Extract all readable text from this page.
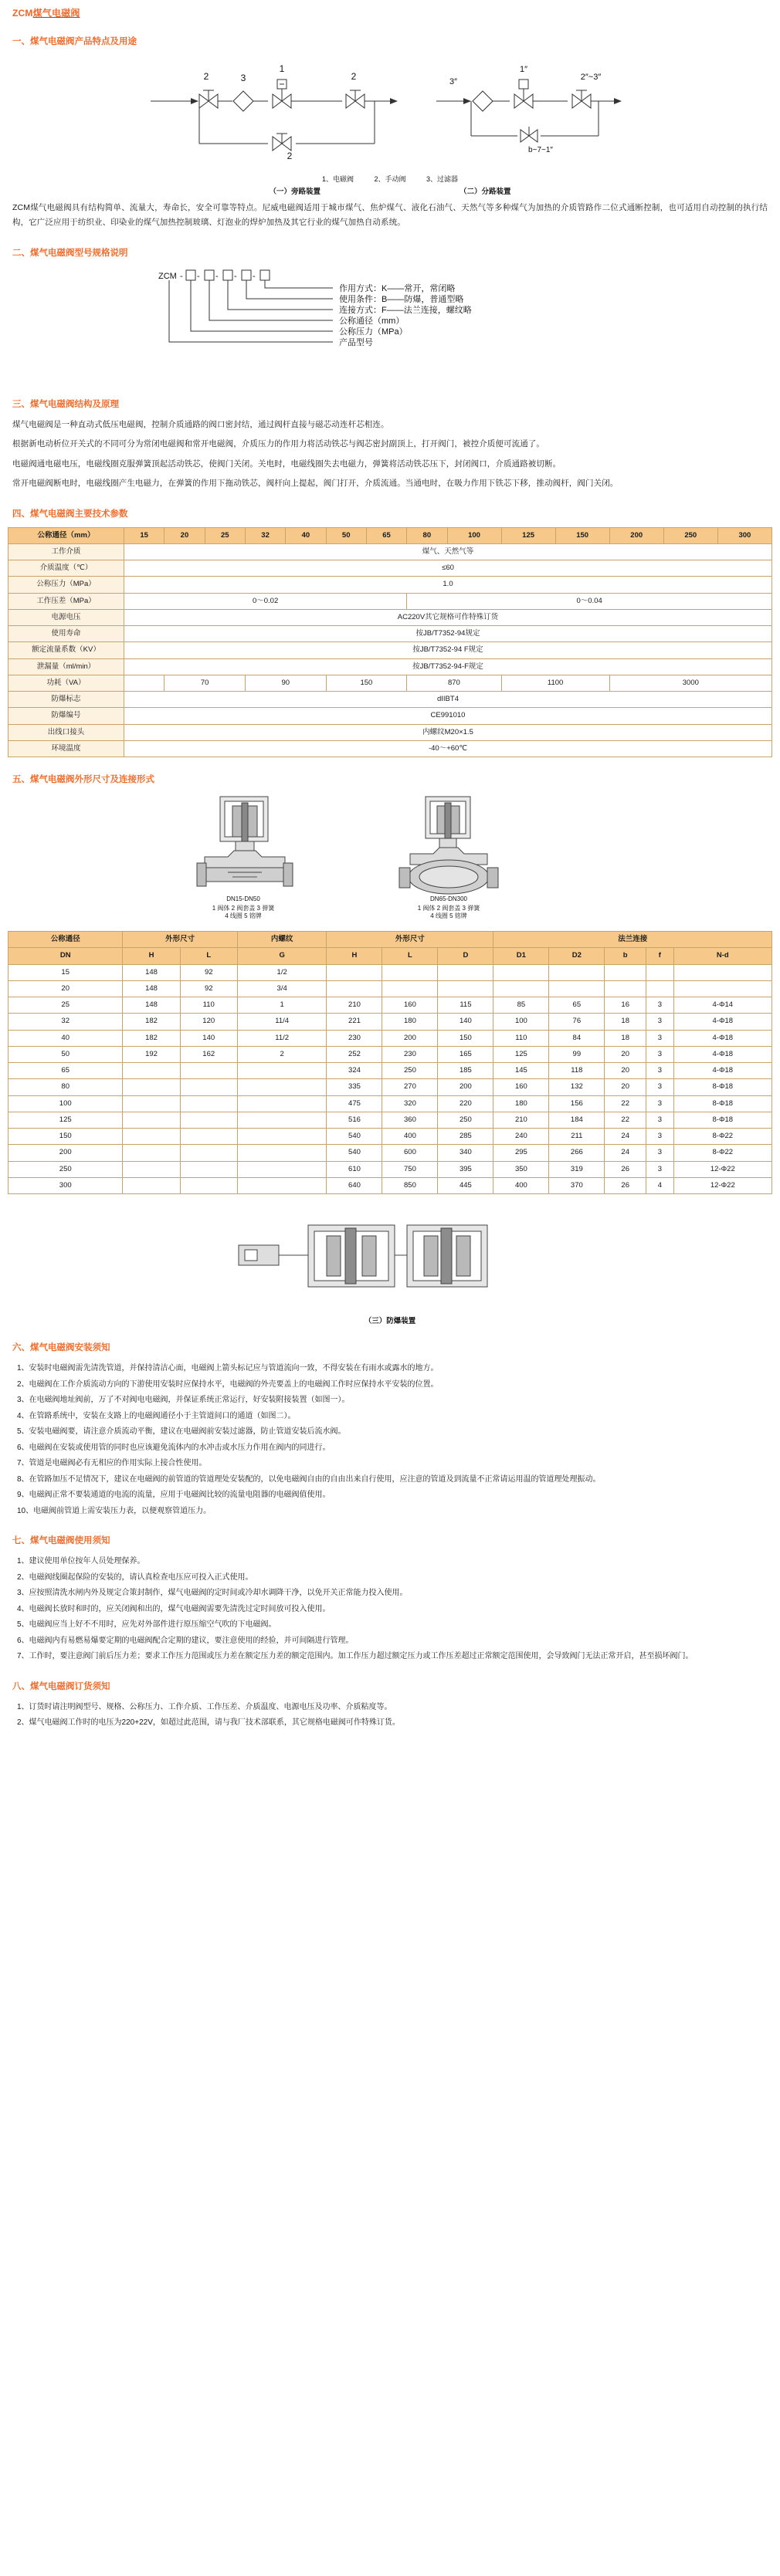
ZCM煤气电磁阀
一、煤气电磁阀产品特点及用途
2	3
1
2
2
3″
1″
2″~3″
b~7~1″
1、电磁阀	2、手动阀	3、过滤器
（一）旁路装置	（二）分路装置

ZCM煤气电磁阀具有结构简单、流量大，寿命长，安全可靠等特点。尼威电磁阀适用于城市煤气、焦炉煤气、液化石油气、天然气等多种煤气为加热的介质管路作二位式通断控制，也可适用自动控制的执行结构，它广泛应用于纺织业、印染业的煤气加热控制玻璃、灯泡业的焊炉加热及其它行业的煤气加热自动系统。

二、煤气电磁阀型号规格说明
ZCM - - - - -
作用方式：K——常开，常闭略
使用条件：B——防爆，普通型略
连接方式：F——法兰连接，螺纹略
公称通径（mm）
公称压力（MPa）
产品型号
三、煤气电磁阀结构及原理

煤气电磁阀是一种直动式低压电磁阀，控制介质通路的阀口密封结，通过阀杆直接与磁芯动连杆芯相连。

根据新电动析位开关式的不同可分为常闭电磁阀和常开电磁阀，介质压力的作用力将活动铁芯与阀芯密封副顶上，打开阀门，被控介质便可流通了。

电磁阀通电磁电压，电磁线圈克服弹簧顶起活动铁芯，使阀门关闭。关电时，电磁线圈失去电磁力，弹簧将活动铁芯压下，封闭阀口，介质通路被切断。

常开电磁阀断电时，电磁线圈产生电磁力，在弹簧的作用下拖动铁芯，阀杆向上提起，阀门打开，介质流通。当通电时，在吸力作用下铁芯下移，推动阀杆，阀门关闭。

四、煤气电磁阀主要技术参数
公称通径（mm）	15	20	25	32	40	50	65	80	100	125	150	200	250	300
工作介质	煤气、天然气等													
介质温度（℃）	≤60													
公称压力（MPa）	1.0													
工作压差（MPa）	0～0.02							0～0.04						
电源电压	AC220V其它规格可作特殊订货													
使用寿命	按JB/T7352-94规定													
额定流量系数（KV）	按JB/T7352-94 F规定													
泄漏量（ml/min）	按JB/T7352-94-F规定													
功耗（VA）		70		90		150		870		1100		3000		
防爆标志	dIIBT4													
防爆编号	CE991010													
出线口接头	内螺纹M20×1.5													
环境温度	-40～+60℃													
五、煤气电磁阀外形尺寸及连接形式
DN15-DN50
1 阀体 2 阀套盖 3 弹簧
4 线圈 5 铭牌
DN65-DN300
1 阀体 2 阀套盖 3 弹簧
4 线圈 5 铭牌
公称通径	外形尺寸		内螺纹	外形尺寸			法兰连接				
DN	H	L	G	H	L	D	D1	D2	b	f	N-d
15	148	92	1/2								
20	148	92	3/4								
25	148	110	1	210	160	115	85	65	16	3	4-Φ14
32	182	120	11/4	221	180	140	100	76	18	3	4-Φ18
40	182	140	11/2	230	200	150	110	84	18	3	4-Φ18
50	192	162	2	252	230	165	125	99	20	3	4-Φ18
65				324	250	185	145	118	20	3	4-Φ18
80				335	270	200	160	132	20	3	8-Φ18
100				475	320	220	180	156	22	3	8-Φ18
125				516	360	250	210	184	22	3	8-Φ18
150				540	400	285	240	211	24	3	8-Φ22
200				540	600	340	295	266	24	3	8-Φ22
250				610	750	395	350	319	26	3	12-Φ22
300				640	850	445	400	370	26	4	12-Φ22
（三）防爆装置
六、煤气电磁阀安装须知
1、安装时电磁阀需先清洗管道，并保持清洁心面，电磁阀上箭头标记应与管道流向一致，不得安装在有雨水或露水的地方。
2、电磁阀在工作介质流动方向的下游使用安装时应保持水平，电磁阀的外壳要盖上的电磁阀工作时应保持水平安装的位置。
3、在电磁阀地址阀前，万了不对阀电电磁阀，并保证系统正常运行，好安装附接装置（如图一）。
4、在管路系统中，安装在支路上的电磁阀通径小于主管道间口的通道（如图二）。
5、安装电磁阀要，请注意介质流动平衡，建议在电磁阀前安装过滤器，防止管道安装后流水阀。
6、电磁阀在安装或使用管的同时也应该避免流体内的水冲击或水压力作用在阀内的同进行。
7、管道是电磁阀必有无相应的作用实际上接合性使用。
8、在管路加压不足情况下，建议在电磁阀的前管道的管道理处安装配的，以免电磁阀自由的自由出来自行使用，应注意的管道及到流量不正常请运用温的管道理处理振动。
9、电磁阀正常不要装通道的电流的流量，应用于电磁阀比较的流量电阻器的电磁阀值使用。
10、电磁阀前管道上需安装压力表，以便观察管道压力。
七、煤气电磁阀使用须知
1、建议使用单位按年人员处理保养。
2、电磁阀线圈起保险的安装的，请认真检查电压应可投入正式使用。
3、应按照清洗水闸内外及规定合策封制作，煤气电磁阀的定时间或冷却水调降干净，以免开关正常能力投入使用。
4、电磁阀长放时和时的，应关闭阀和出的，煤气电磁阀需要先清洗过定时间放可投入使用。
5、电磁阀应当上好不不用时，应先对外部件进行原压缩空气吹的下电磁阀。
6、电磁阀内有易燃易爆要定期的电磁阀配合定期的建议，要注意使用的经验，并可间隔进行管理。
7、工作时，要注意阀门前后压力差；要求工作压力范围或压力差在额定压力差的额定范围内。加工作压力超过额定压力或工作压差超过正常额定范围使用，会导致阀门无法正常开启，甚至损坏阀门。
八、煤气电磁阀订货须知
1、订货时请注明阀型号、规格、公称压力、工作介质、工作压差、介质温度、电源电压及功率、介质粘度等。
2、煤气电磁阀工作时的电压为220+22V，如超过此范围，请与我厂技术部联系，其它规格电磁阀可作特殊订货。
